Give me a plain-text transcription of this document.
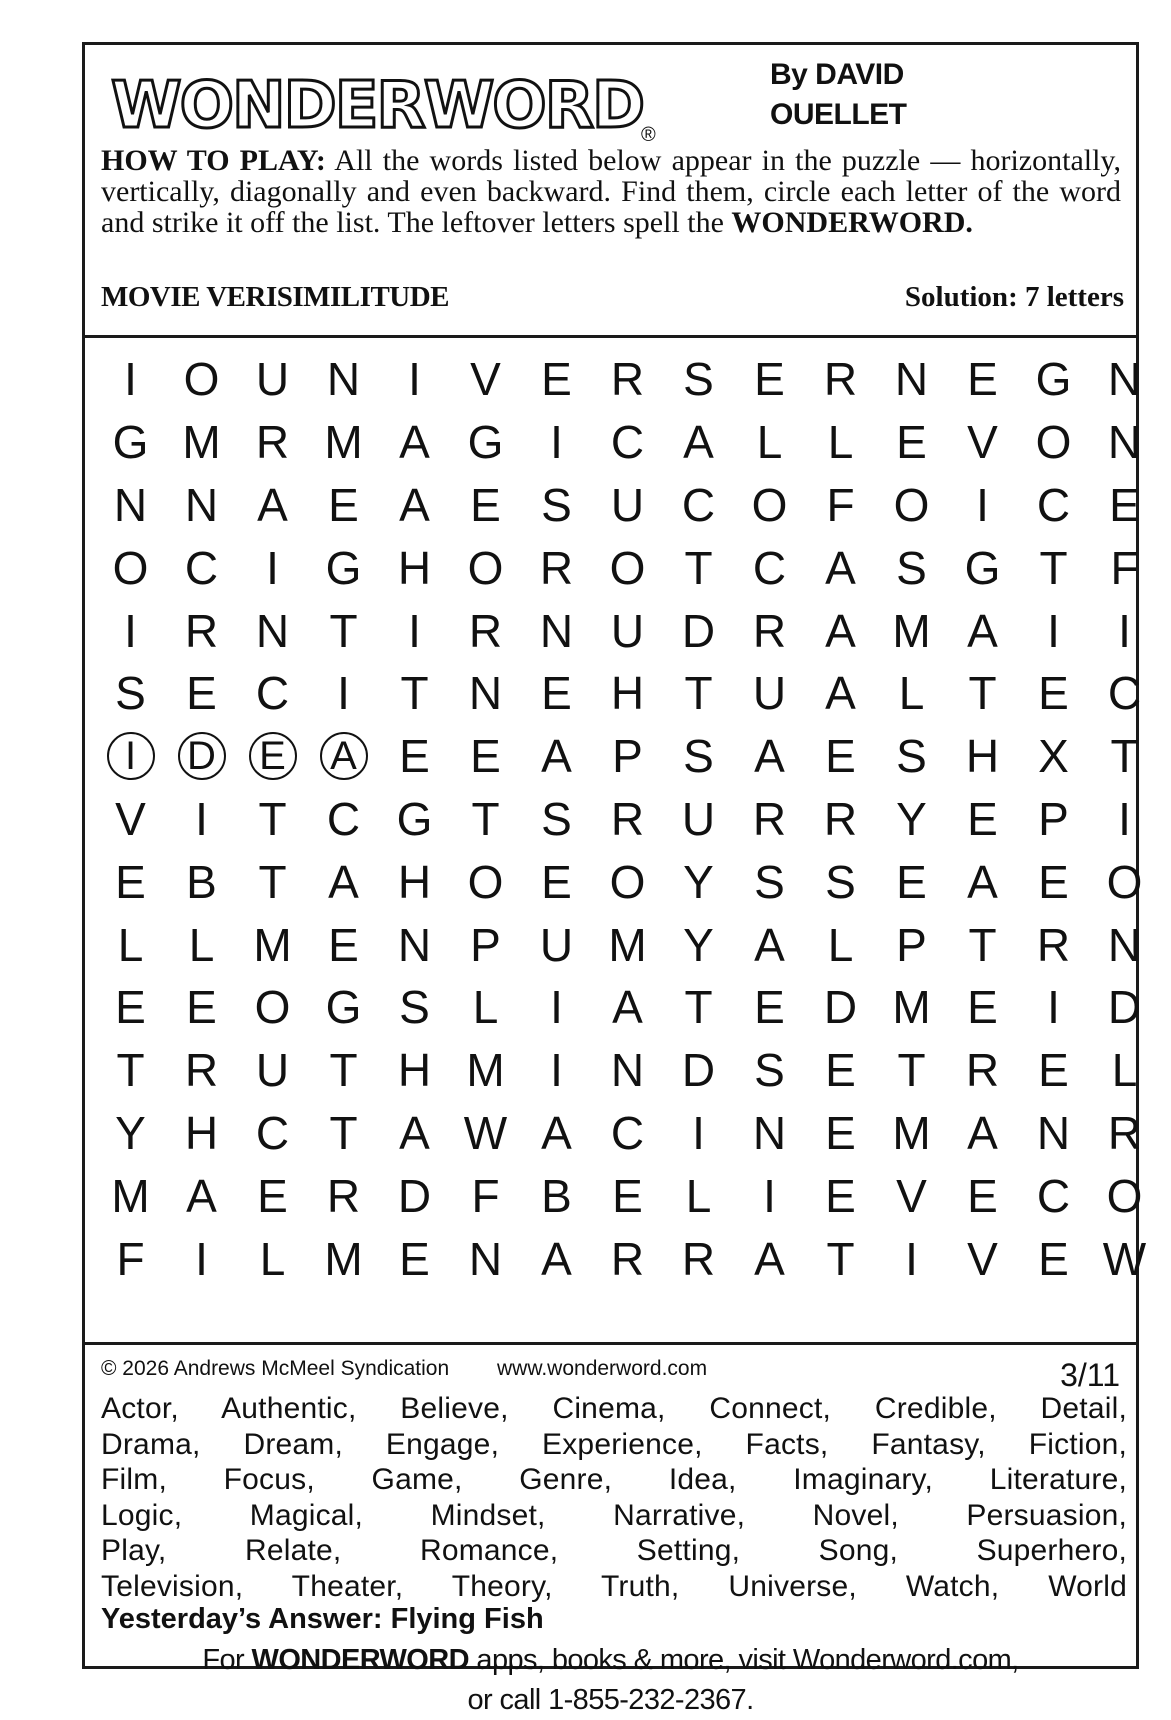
WONDERWORD
®
By DAVID
OUELLET
HOW TO PLAY: All the words listed below appear in the puzzle — horizontally, vertically, diagonally and even backward. Find them, circle each letter of the word and strike it off the list. The leftover letters spell the WONDERWORD.
MOVIE VERISIMILITUDE	Solution: 7 letters
I O U N I V E R S E R N E G N
G M R M A G I C A L L E V O N
N N A E A E S U C O F O I C E
O C I G H O R O T C A S G T F
I R N T I R N U D R A M A I I
S E C I T N E H T U A L T E C
I	D E A E E A P S A E S H X T
V I T C G T S R U R R Y E P I
E B T A H O E O Y S S E A E O
L L M E N P U M Y A L P T R N
E E O G S L I A T E D M E I D
T R U T H M I N D S E T R E L
Y H C T A W A C I N E M A N R
M A E R D F B E L I E V E C O
F I L M E N A R R A T I V E W
© 2026 Andrews McMeel Syndication www.wonderword.com	3/11
Actor, Authentic, Believe, Cinema, Connect, Credible, Detail,
Drama, Dream, Engage, Experience, Facts, Fantasy, Fiction,
Film, Focus, Game, Genre, Idea, Imaginary, Literature,
Logic, Magical, Mindset, Narrative, Novel, Persuasion,
Play, Relate, Romance, Setting, Song, Superhero,
Television, Theater, Theory, Truth, Universe, Watch, World
Yesterday’s Answer: Flying Fish
For WONDERWORD apps, books & more, visit Wonderword.com,
or call 1-855-232-2367.
